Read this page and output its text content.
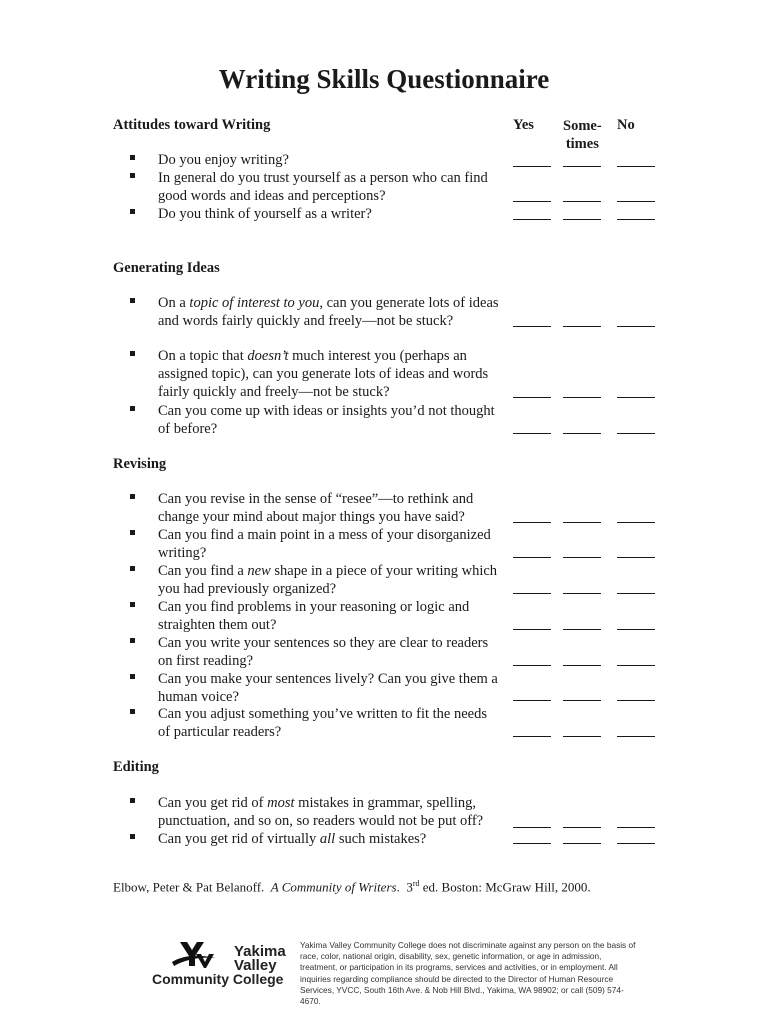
Writing Skills Questionnaire
Yes Some-
times
No
Attitudes toward Writing
Generating Ideas
Revising
Editing
Do you enjoy writing?
In general do you trust yourself as a person who can find good words and ideas and perceptions?
Do you think of yourself as a writer?
On a topic of interest to you, can you generate lots of ideas and words fairly quickly and freely—not be stuck?
On a topic that doesn’t much interest you (perhaps an assigned topic), can you generate lots of ideas and words fairly quickly and freely—not be stuck?
Can you come up with ideas or insights you’d not thought of before?
Can you revise in the sense of “resee”—to rethink and change your mind about major things you have said?
Can you find a main point in a mess of your disorganized writing?
Can you find a new shape in a piece of your writing which you had previously organized?
Can you find problems in your reasoning or logic and straighten them out?
Can you write your sentences so they are clear to readers on first reading?
Can you make your sentences lively? Can you give them a human voice?
Can you adjust something you’ve written to fit the needs of particular readers?
Can you get rid of most mistakes in grammar, spelling, punctuation, and so on, so readers would not be put off?
Can you get rid of virtually all such mistakes?
Elbow, Peter & Pat Belanoff. A Community of Writers.  3rd ed. Boston: McGraw Hill, 2000.
Yakima
Valley
Community College
Yakima Valley Community College does not discriminate against any person on the basis of race, color, national origin, disability, sex, genetic information, or age in admission, treatment, or participation in its programs, services and activities, or in employment. All inquiries regarding compliance should be directed to the Director of Human Resource Services, YVCC, South 16th Ave. & Nob Hill Blvd., Yakima, WA 98902; or call (509) 574-4670.
